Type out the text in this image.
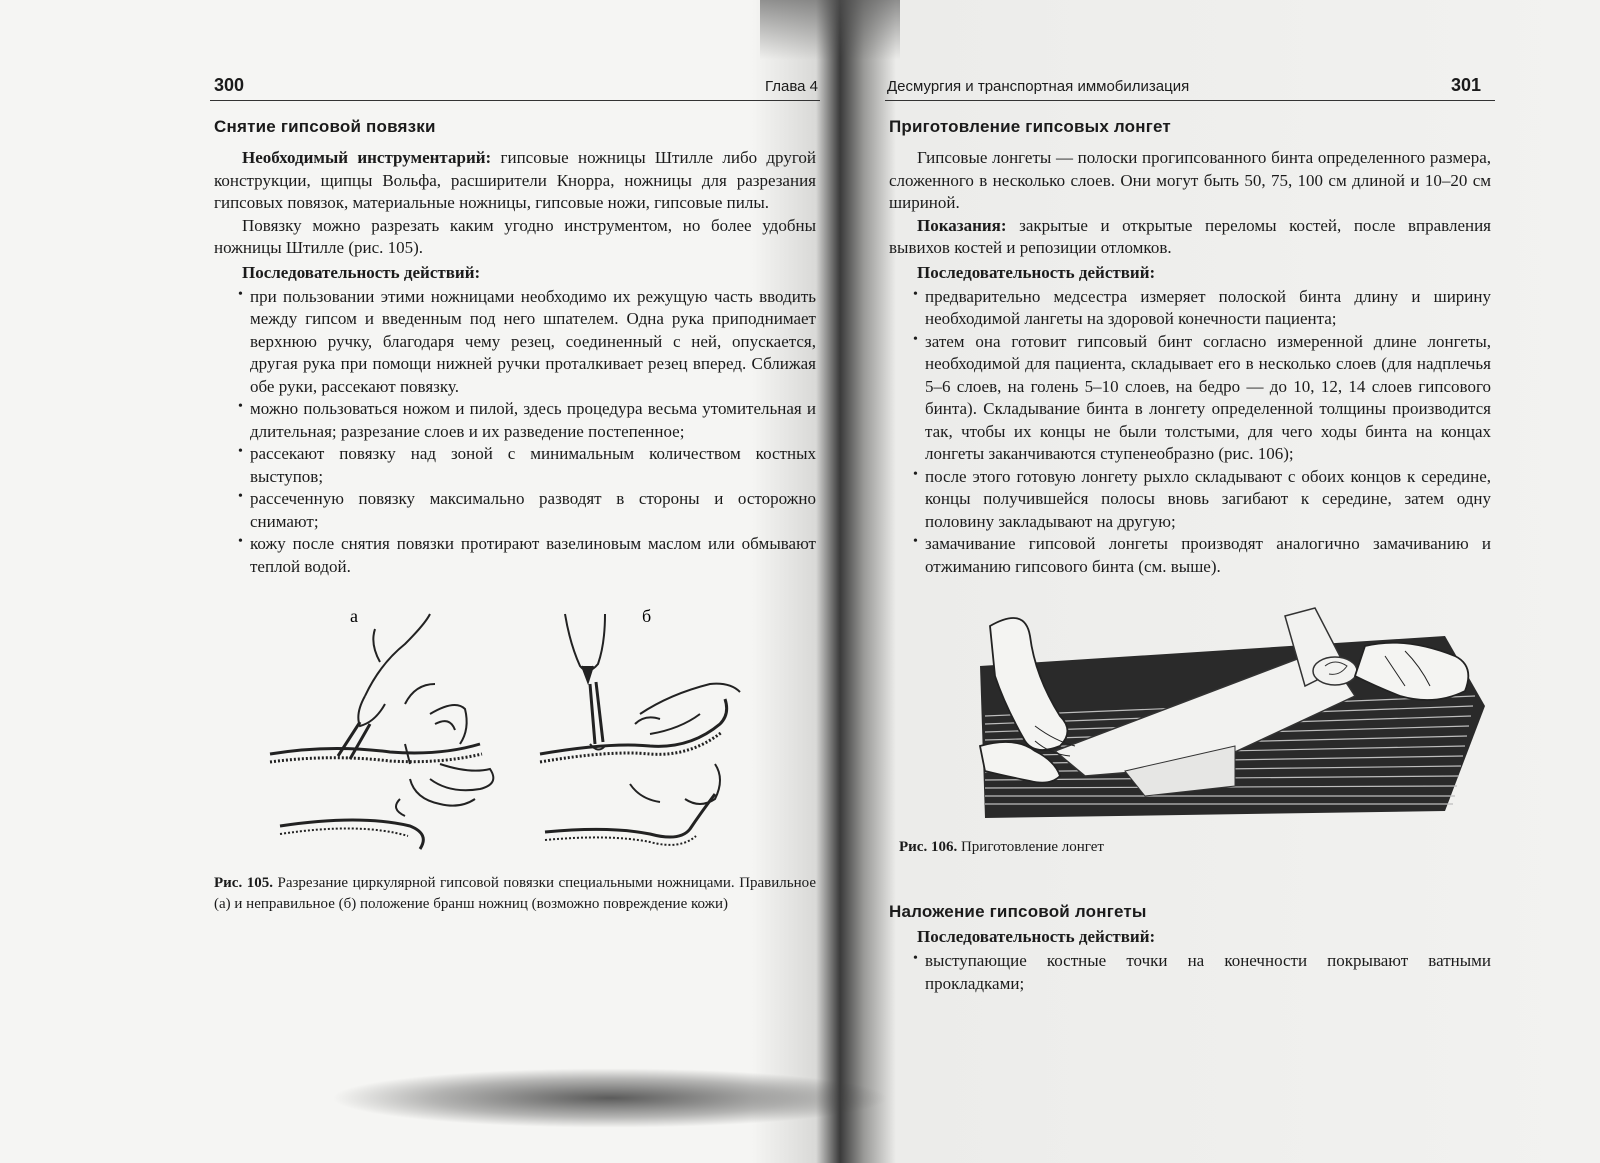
300	Глава 4
Снятие гипсовой повязки

Необходимый инструментарий: гипсовые ножницы Штилле либо другой конструкции, щипцы Вольфа, расширители Кнорра, ножницы для разрезания гипсовых повязок, материальные ножницы, гипсовые ножи, гипсовые пилы.

Повязку можно разрезать каким угодно инструментом, но более удобны ножницы Штилле (рис. 105).

Последовательность действий:
• при пользовании этими ножницами необходимо их режущую часть вводить между гипсом и введенным под него шпателем. Одна рука приподнимает верхнюю ручку, благодаря чему резец, соединенный с ней, опускается, другая рука при помощи нижней ручки проталкивает резец вперед. Сближая обе руки, рассекают повязку.
• можно пользоваться ножом и пилой, здесь процедура весьма утомительная и длительная; разрезание слоев и их разведение постепенное;
• рассекают повязку над зоной с минимальным количеством костных выступов;
• рассеченную повязку максимально разводят в стороны и осторожно снимают;
• кожу после снятия повязки протирают вазелиновым маслом или обмывают теплой водой.
а	б

Рис. 105. Разрезание циркулярной гипсовой повязки специальными ножницами. Правильное (а) и неправильное (б) положение бранш ножниц (возможно повреждение кожи)

Десмургия и транспортная иммобилизация	301
Приготовление гипсовых лонгет

Гипсовые лонгеты — полоски прогипсованного бинта определенного размера, сложенного в несколько слоев. Они могут быть 50, 75, 100 см длиной и 10–20 см шириной.

Показания: закрытые и открытые переломы костей, после вправления вывихов костей и репозиции отломков.

Последовательность действий:
• предварительно медсестра измеряет полоской бинта длину и ширину необходимой лангеты на здоровой конечности пациента;
• затем она готовит гипсовый бинт согласно измеренной длине лонгеты, необходимой для пациента, складывает его в несколько слоев (для надплечья 5–6 слоев, на голень 5–10 слоев, на бедро — до 10, 12, 14 слоев гипсового бинта). Складывание бинта в лонгету определенной толщины производится так, чтобы их концы не были толстыми, для чего ходы бинта на концах лонгеты заканчиваются ступенеобразно (рис. 106);
• после этого готовую лонгету рыхло складывают с обоих концов к середине, концы получившейся полосы вновь загибают к середине, затем одну половину закладывают на другую;
• замачивание гипсовой лонгеты производят аналогично замачиванию и отжиманию гипсового бинта (см. выше).

Рис. 106. Приготовление лонгет

Наложение гипсовой лонгеты
Последовательность действий:
• выступающие костные точки на конечности покрывают ватными прокладками;
